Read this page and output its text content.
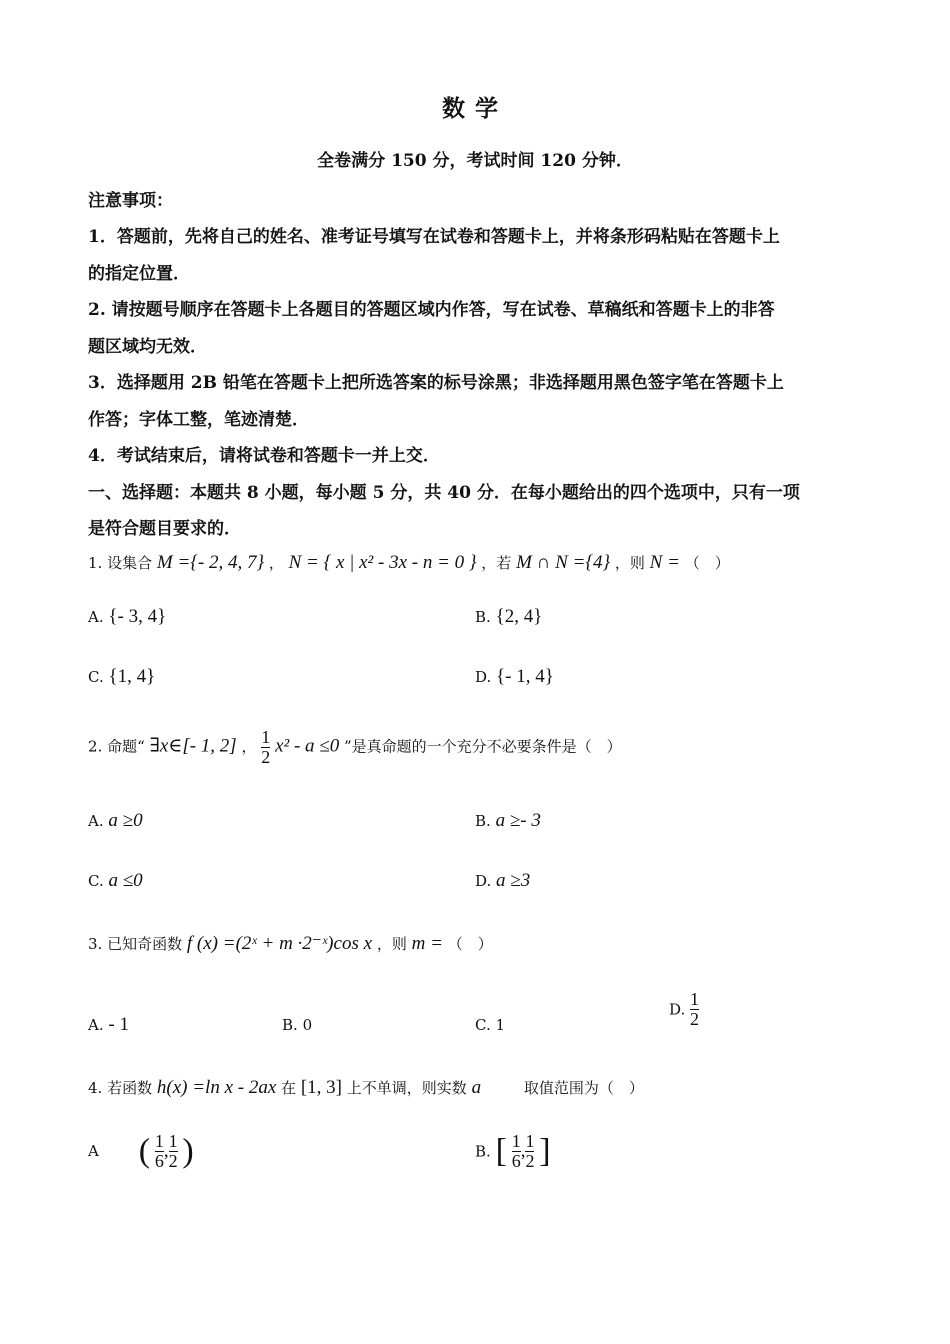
数学
全卷满分 150 分，考试时间 120 分钟．
注意事项：
1．答题前，先将自己的姓名、准考证号填写在试卷和答题卡上，并将条形码粘贴在答题卡上
的指定位置．
2. 请按题号顺序在答题卡上各题目的答题区域内作答，写在试卷、草稿纸和答题卡上的非答
题区域均无效．
3．选择题用 2B 铅笔在答题卡上把所选答案的标号涂黑；非选择题用黑色签字笔在答题卡上
作答；字体工整，笔迹清楚．
4．考试结束后，请将试卷和答题卡一并上交．
一、选择题：本题共 8 小题，每小题 5 分，共 40 分．在每小题给出的四个选项中，只有一项
是符合题目要求的．
1. 设集合 M ={- 2, 4, 7} ， N = { x | x² - 3x - n = 0 } ，若 M ∩ N ={4} ，则 N = （　）
A. {- 3, 4}	B. {2, 4}
C. {1, 4}	D. {- 1, 4}
2. 命题“ ∃x∈[- 1, 2] ， $\frac{1}{2} x^2 - a \le 0$ ”是真命题的一个充分不必要条件是（　）
A. a ≥0	B. a ≥- 3
C. a ≤0	D. a ≥3
3. 已知奇函数 f (x) =(2ˣ + m ·2⁻ˣ)cos x ，则 m = （　）
A. - 1	B. 0	C. 1
D. $\frac{1}{2}$
4. 若函数 h(x) =ln x - 2ax 在 [1, 3] 上不单调，则实数 a	取值范围为（　）
A ( $\frac{1}{6}$ , $\frac{1}{2}$ )	B. [ $\frac{1}{6}$ , $\frac{1}{2}$ ]
